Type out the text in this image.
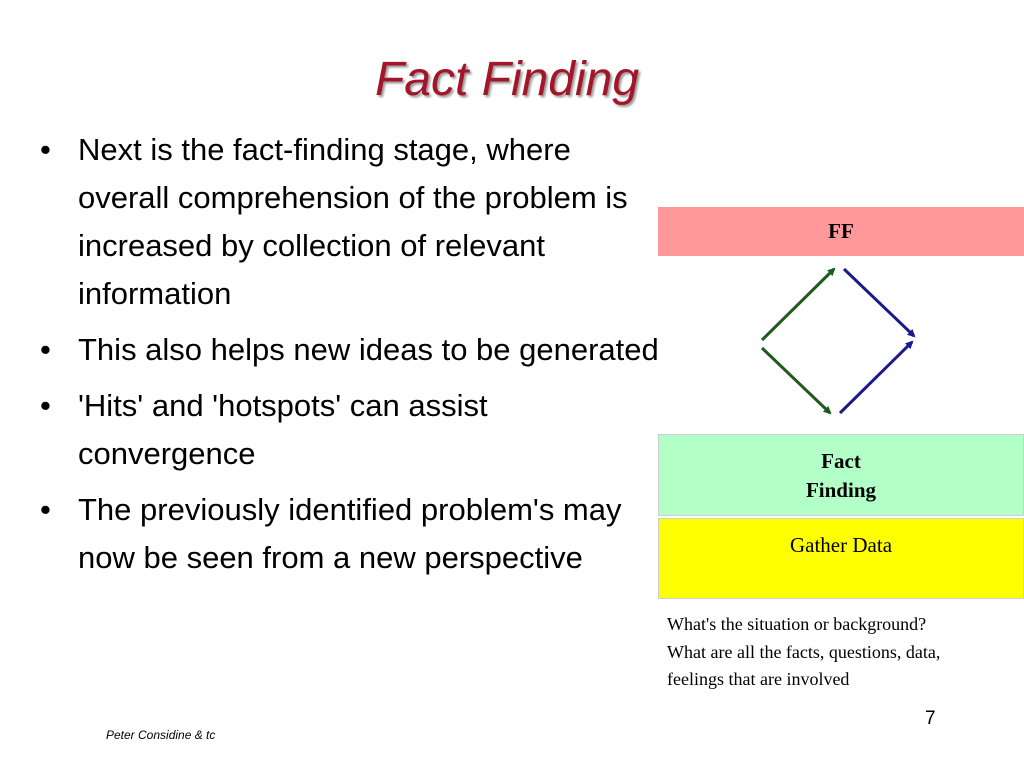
Fact Finding
• Next is the fact-finding stage, where overall comprehension of the problem is increased by collection of relevant information
• This also helps new ideas to be generated
• 'Hits' and 'hotspots' can assist convergence
• The previously identified problem's may now be seen from a new perspective
FF
Fact
Finding
Gather Data
What's the situation or background?
What are all the facts, questions, data,
feelings that are involved
Peter Considine & tc
7
